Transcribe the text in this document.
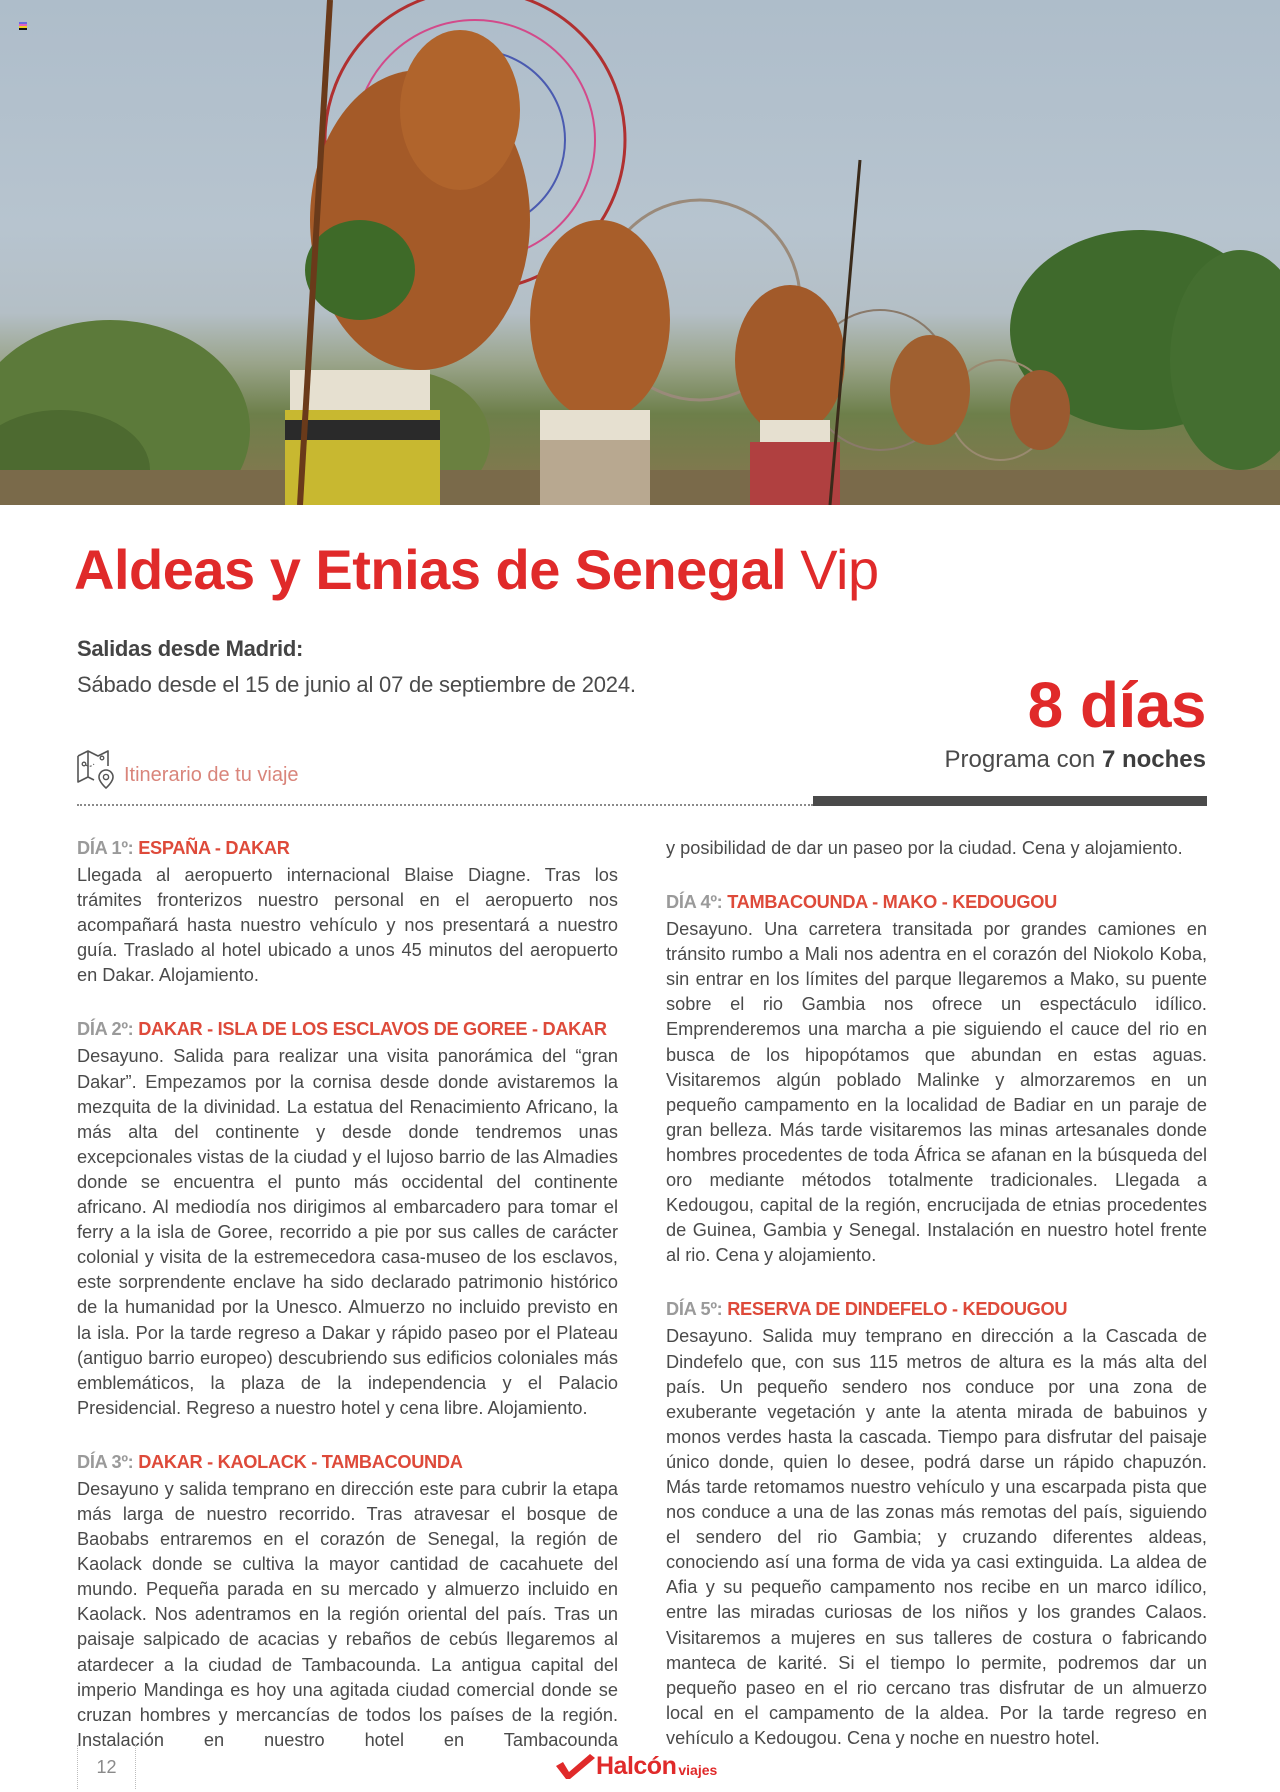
Aldeas y Etnias de Senegal Vip
Salidas desde Madrid:
Sábado desde el 15 de junio al 07 de septiembre de 2024.	8 días
Programa con 7 noches
Itinerario de tu viaje
DÍA 1º: ESPAÑA - DAKAR

Llegada al aeropuerto internacional Blaise Diagne. Tras los trámites fronterizos nuestro personal en el aeropuerto nos acompañará hasta nuestro vehículo y nos presentará a nuestro guía. Traslado al hotel ubicado a unos 45 minutos del aeropuerto en Dakar. Alojamiento.

DÍA 2º: DAKAR - ISLA DE LOS ESCLAVOS DE GOREE - DAKAR

Desayuno. Salida para realizar una visita panorámica del “gran Dakar”. Empezamos por la cornisa desde donde avistaremos la mezquita de la divinidad. La estatua del Renacimiento Africano, la más alta del continente y desde donde tendremos unas excepcionales vistas de la ciudad y el lujoso barrio de las Almadies donde se encuentra el punto más occidental del continente africano. Al mediodía nos dirigimos al embarcadero para tomar el ferry a la isla de Goree, recorrido a pie por sus calles de carácter colonial y visita de la estremecedora casa-museo de los esclavos, este sorprendente enclave ha sido declarado patrimonio histórico de la humanidad por la Unesco. Almuerzo no incluido previsto en la isla. Por la tarde regreso a Dakar y rápido paseo por el Plateau (antiguo barrio europeo) descubriendo sus edificios coloniales más emblemáticos, la plaza de la independencia y el Palacio Presidencial. Regreso a nuestro hotel y cena libre. Alojamiento.

DÍA 3º: DAKAR - KAOLACK - TAMBACOUNDA

Desayuno y salida temprano en dirección este para cubrir la etapa más larga de nuestro recorrido. Tras atravesar el bosque de Baobabs entraremos en el corazón de Senegal, la región de Kaolack donde se cultiva la mayor cantidad de cacahuete del mundo. Pequeña parada en su mercado y almuerzo incluido en Kaolack. Nos adentramos en la región oriental del país. Tras un paisaje salpicado de acacias y rebaños de cebús llegaremos al atardecer a la ciudad de Tambacounda. La antigua capital del imperio Mandinga es hoy una agitada ciudad comercial donde se cruzan hombres y mercancías de todos los países de la región. Instalación en nuestro hotel en Tambacounda

y posibilidad de dar un paseo por la ciudad. Cena y alojamiento.

DÍA 4º: TAMBACOUNDA - MAKO - KEDOUGOU

Desayuno. Una carretera transitada por grandes camiones en tránsito rumbo a Mali nos adentra en el corazón del Niokolo Koba, sin entrar en los límites del parque llegaremos a Mako, su puente sobre el rio Gambia nos ofrece un espectáculo idílico. Emprenderemos una marcha a pie siguiendo el cauce del rio en busca de los hipopótamos que abundan en estas aguas. Visitaremos algún poblado Malinke y almorzaremos en un pequeño campamento en la localidad de Badiar en un paraje de gran belleza. Más tarde visitaremos las minas artesanales donde hombres procedentes de toda África se afanan en la búsqueda del oro mediante métodos totalmente tradicionales. Llegada a Kedougou, capital de la región, encrucijada de etnias procedentes de Guinea, Gambia y Senegal. Instalación en nuestro hotel frente al rio. Cena y alojamiento.

DÍA 5º: RESERVA DE DINDEFELO - KEDOUGOU

Desayuno. Salida muy temprano en dirección a la Cascada de Dindefelo que, con sus 115 metros de altura es la más alta del país. Un pequeño sendero nos conduce por una zona de exuberante vegetación y ante la atenta mirada de babuinos y monos verdes hasta la cascada. Tiempo para disfrutar del paisaje único donde, quien lo desee, podrá darse un rápido chapuzón. Más tarde retomamos nuestro vehículo y una escarpada pista que nos conduce a una de las zonas más remotas del país, siguiendo el sendero del rio Gambia; y cruzando diferentes aldeas, conociendo así una forma de vida ya casi extinguida. La aldea de Afia y su pequeño campamento nos recibe en un marco idílico, entre las miradas curiosas de los niños y los grandes Calaos. Visitaremos a mujeres en sus talleres de costura o fabricando manteca de karité. Si el tiempo lo permite, podremos dar un pequeño paseo en el rio cercano tras disfrutar de un almuerzo local en el campamento de la aldea. Por la tarde regreso en vehículo a Kedougou. Cena y noche en nuestro hotel.

12	Halcón viajes
